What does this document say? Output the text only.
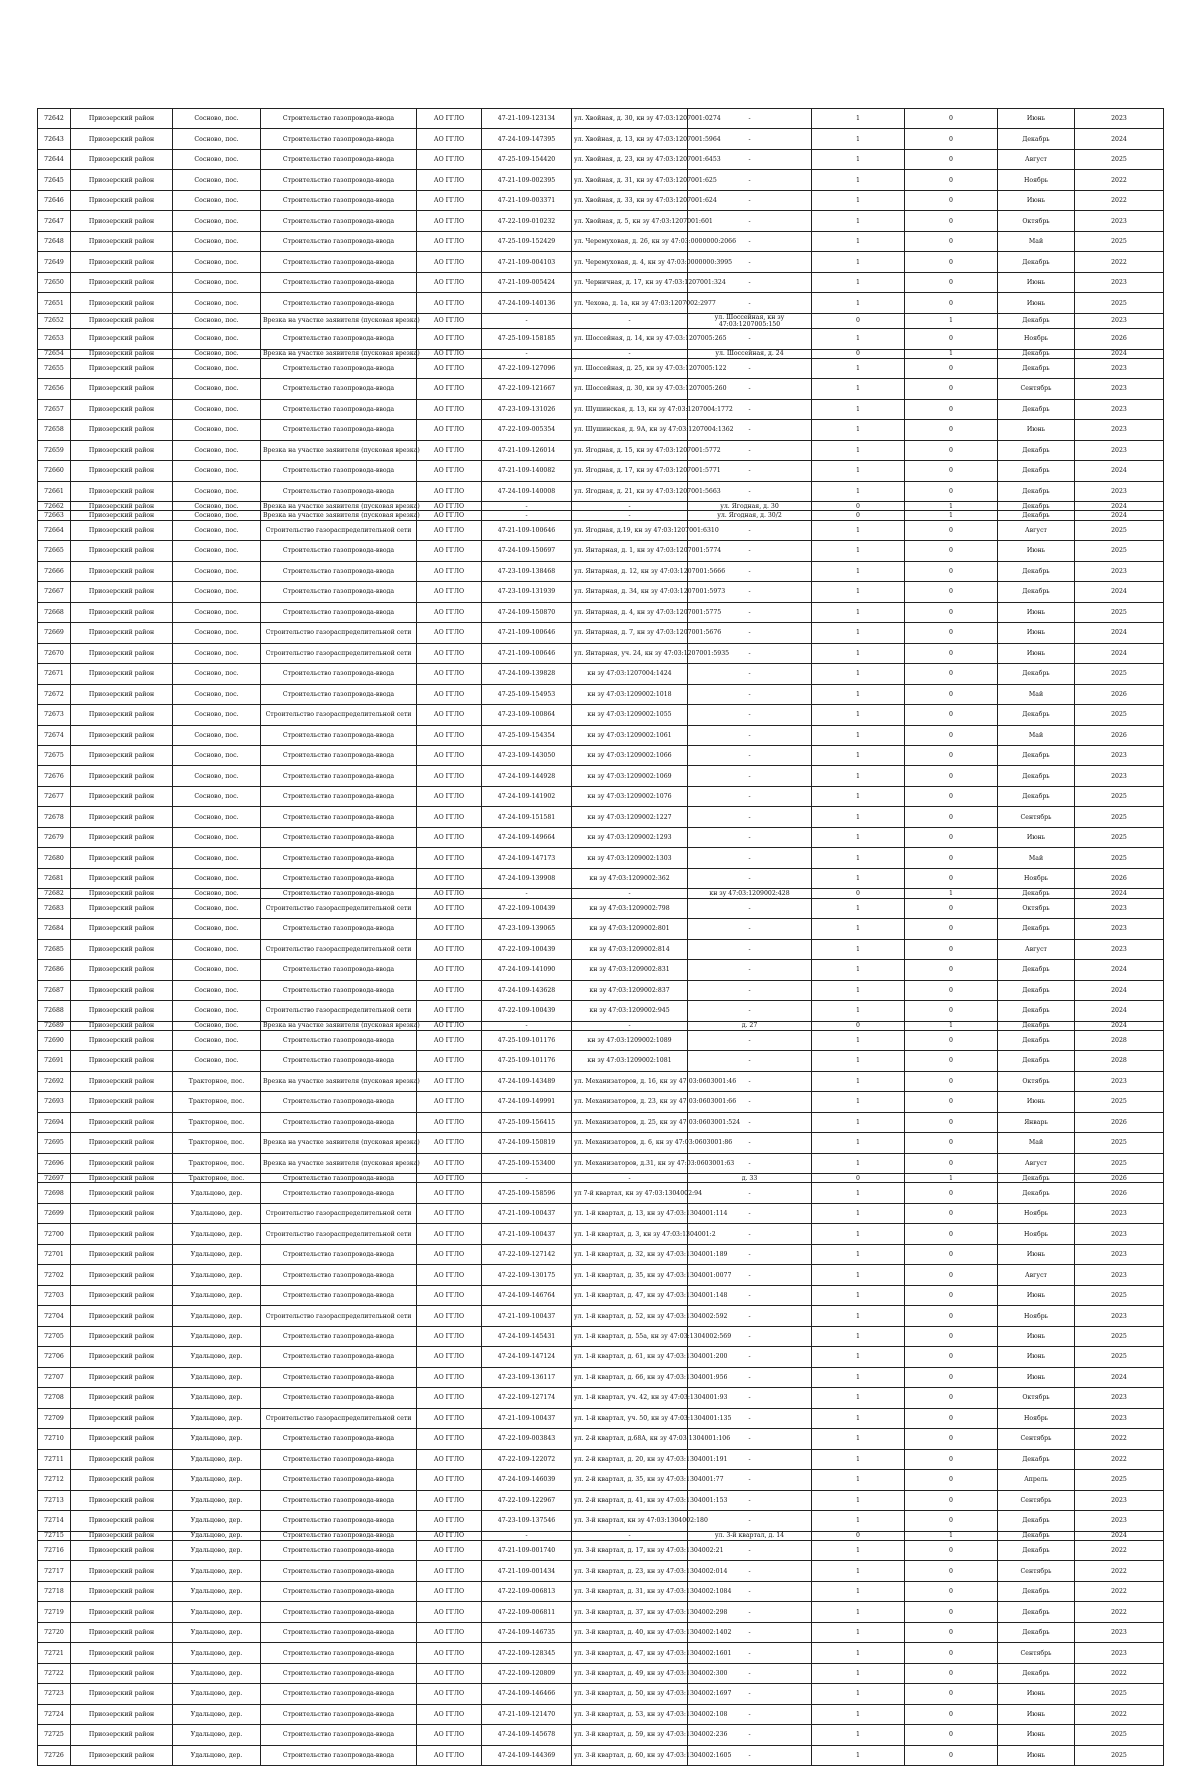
72642	Приозерский район	Сосново, пос.	Строительство газопровода-ввода	АО ГГЛО	47-21-109-123134	ул. Хвойная, д. 30, кн зу 47:03:1207001:0274	-	1	0	Июнь	2023
72643	Приозерский район	Сосново, пос.	Строительство газопровода-ввода	АО ГГЛО	47-24-109-147395	ул. Хвойная, д. 13, кн зу 47:03:1207001:5964	-	1	0	Декабрь	2024
72644	Приозерский район	Сосново, пос.	Строительство газопровода-ввода	АО ГГЛО	47-25-109-154420	ул. Хвойная, д. 23, кн зу 47:03:1207001:6453	-	1	0	Август	2025
72645	Приозерский район	Сосново, пос.	Строительство газопровода-ввода	АО ГГЛО	47-21-109-002395	ул. Хвойная, д. 31, кн зу 47:03:1207001:625	-	1	0	Ноябрь	2022
72646	Приозерский район	Сосново, пос.	Строительство газопровода-ввода	АО ГГЛО	47-21-109-003371	ул. Хвойная, д. 33, кн зу 47:03:1207001:624	-	1	0	Июнь	2022
72647	Приозерский район	Сосново, пос.	Строительство газопровода-ввода	АО ГГЛО	47-22-109-010232	ул. Хвойная, д. 5, кн зу 47:03:1207001:601	-	1	0	Октябрь	2023
72648	Приозерский район	Сосново, пос.	Строительство газопровода-ввода	АО ГГЛО	47-25-109-152429	ул. Черемуховая, д. 26, кн зу 47:03:0000000:2066	-	1	0	Май	2025
72649	Приозерский район	Сосново, пос.	Строительство газопровода-ввода	АО ГГЛО	47-21-109-004103	ул. Черемуховая, д. 4, кн зу 47:03:0000000:3995	-	1	0	Декабрь	2022
72650	Приозерский район	Сосново, пос.	Строительство газопровода-ввода	АО ГГЛО	47-21-109-005424	ул. Черничная, д. 17, кн зу 47:03:1207001:324	-	1	0	Июнь	2023
72651	Приозерский район	Сосново, пос.	Строительство газопровода-ввода	АО ГГЛО	47-24-109-140136	ул. Чехова, д. 1а, кн зу 47:03:1207002:2977	-	1	0	Июнь	2025
72652	Приозерский район	Сосново, пос.	Врезка на участке заявителя (пусковая врезка)	АО ГГЛО	-	-	ул. Шоссейная, кн зу 47:03:1207005:150	0	1	Декабрь	2023
72653	Приозерский район	Сосново, пос.	Строительство газопровода-ввода	АО ГГЛО	47-25-109-158185	ул. Шоссейная, д. 14, кн зу 47:03:1207005:265	-	1	0	Ноябрь	2026
72654	Приозерский район	Сосново, пос.	Врезка на участке заявителя (пусковая врезка)	АО ГГЛО	-	-	ул. Шоссейная, д. 24	0	1	Декабрь	2024
72655	Приозерский район	Сосново, пос.	Строительство газопровода-ввода	АО ГГЛО	47-22-109-127096	ул. Шоссейная, д. 25, кн зу 47:03:1207005:122	-	1	0	Декабрь	2023
72656	Приозерский район	Сосново, пос.	Строительство газопровода-ввода	АО ГГЛО	47-22-109-121667	ул. Шоссейная, д. 30, кн зу 47:03:1207005:260	-	1	0	Сентябрь	2023
72657	Приозерский район	Сосново, пос.	Строительство газопровода-ввода	АО ГГЛО	47-23-109-131026	ул. Шушинская, д. 13, кн зу 47:03:1207004:1772	-	1	0	Декабрь	2023
72658	Приозерский район	Сосново, пос.	Строительство газопровода-ввода	АО ГГЛО	47-22-109-005354	ул. Шушинская, д. 9А, кн зу 47:03:1207004:1362	-	1	0	Июнь	2023
72659	Приозерский район	Сосново, пос.	Врезка на участке заявителя (пусковая врезка)	АО ГГЛО	47-21-109-126014	ул. Ягодная, д. 15, кн зу 47:03:1207001:5772	-	1	0	Декабрь	2023
72660	Приозерский район	Сосново, пос.	Строительство газопровода-ввода	АО ГГЛО	47-21-109-140082	ул. Ягодная, д. 17, кн зу 47:03:1207001:5771	-	1	0	Декабрь	2024
72661	Приозерский район	Сосново, пос.	Строительство газопровода-ввода	АО ГГЛО	47-24-109-140008	ул. Ягодная, д. 21, кн зу 47:03:1207001:5663	-	1	0	Декабрь	2023
72662	Приозерский район	Сосново, пос.	Врезка на участке заявителя (пусковая врезка)	АО ГГЛО	-	-	ул. Ягодная, д. 30	0	1	Декабрь	2024
72663	Приозерский район	Сосново, пос.	Врезка на участке заявителя (пусковая врезка)	АО ГГЛО	-	-	ул. Ягодная, д. 30/2	0	1	Декабрь	2024
72664	Приозерский район	Сосново, пос.	Строительство газораспределительной сети	АО ГГЛО	47-21-109-100646	ул. Ягодная, д.19, кн зу 47:03:1207001:6310	-	1	0	Август	2025
72665	Приозерский район	Сосново, пос.	Строительство газопровода-ввода	АО ГГЛО	47-24-109-150697	ул. Янтарная, д. 1, кн зу 47:03:1207001:5774	-	1	0	Июнь	2025
72666	Приозерский район	Сосново, пос.	Строительство газопровода-ввода	АО ГГЛО	47-23-109-138468	ул. Янтарная, д. 12, кн зу 47:03:1207001:5666	-	1	0	Декабрь	2023
72667	Приозерский район	Сосново, пос.	Строительство газопровода-ввода	АО ГГЛО	47-23-109-131939	ул. Янтарная, д. 34, кн зу 47:03:1207001:5973	-	1	0	Декабрь	2024
72668	Приозерский район	Сосново, пос.	Строительство газопровода-ввода	АО ГГЛО	47-24-109-150870	ул. Янтарная, д. 4, кн зу 47:03:1207001:5775	-	1	0	Июнь	2025
72669	Приозерский район	Сосново, пос.	Строительство газораспределительной сети	АО ГГЛО	47-21-109-100646	ул. Янтарная, д. 7, кн зу 47:03:1207001:5676	-	1	0	Июнь	2024
72670	Приозерский район	Сосново, пос.	Строительство газораспределительной сети	АО ГГЛО	47-21-109-100646	ул. Янтарная, уч. 24, кн зу 47:03:1207001:5935	-	1	0	Июнь	2024
72671	Приозерский район	Сосново, пос.	Строительство газопровода-ввода	АО ГГЛО	47-24-109-139828	кн зу 47:03:1207004:1424	-	1	0	Декабрь	2025
72672	Приозерский район	Сосново, пос.	Строительство газопровода-ввода	АО ГГЛО	47-25-109-154953	кн зу 47:03:1209002:1018	-	1	0	Май	2026
72673	Приозерский район	Сосново, пос.	Строительство газораспределительной сети	АО ГГЛО	47-23-109-100864	кн зу 47:03:1209002:1055	-	1	0	Декабрь	2025
72674	Приозерский район	Сосново, пос.	Строительство газопровода-ввода	АО ГГЛО	47-25-109-154354	кн зу 47:03:1209002:1061	-	1	0	Май	2026
72675	Приозерский район	Сосново, пос.	Строительство газопровода-ввода	АО ГГЛО	47-23-109-143050	кн зу 47:03:1209002:1066	-	1	0	Декабрь	2023
72676	Приозерский район	Сосново, пос.	Строительство газопровода-ввода	АО ГГЛО	47-24-109-144928	кн зу 47:03:1209002:1069	-	1	0	Декабрь	2023
72677	Приозерский район	Сосново, пос.	Строительство газопровода-ввода	АО ГГЛО	47-24-109-141902	кн зу 47:03:1209002:1076	-	1	0	Декабрь	2025
72678	Приозерский район	Сосново, пос.	Строительство газопровода-ввода	АО ГГЛО	47-24-109-151581	кн зу 47:03:1209002:1227	-	1	0	Сентябрь	2025
72679	Приозерский район	Сосново, пос.	Строительство газопровода-ввода	АО ГГЛО	47-24-109-149664	кн зу 47:03:1209002:1293	-	1	0	Июнь	2025
72680	Приозерский район	Сосново, пос.	Строительство газопровода-ввода	АО ГГЛО	47-24-109-147173	кн зу 47:03:1209002:1303	-	1	0	Май	2025
72681	Приозерский район	Сосново, пос.	Строительство газопровода-ввода	АО ГГЛО	47-24-109-139908	кн зу 47:03:1209002:362	-	1	0	Ноябрь	2026
72682	Приозерский район	Сосново, пос.	Строительство газопровода-ввода	АО ГГЛО	-	-	кн зу 47:03:1209002:428	0	1	Декабрь	2024
72683	Приозерский район	Сосново, пос.	Строительство газораспределительной сети	АО ГГЛО	47-22-109-100439	кн зу 47:03:1209002:798	-	1	0	Октябрь	2023
72684	Приозерский район	Сосново, пос.	Строительство газопровода-ввода	АО ГГЛО	47-23-109-139065	кн зу 47:03:1209002:801	-	1	0	Декабрь	2023
72685	Приозерский район	Сосново, пос.	Строительство газораспределительной сети	АО ГГЛО	47-22-109-100439	кн зу 47:03:1209002:814	-	1	0	Август	2023
72686	Приозерский район	Сосново, пос.	Строительство газопровода-ввода	АО ГГЛО	47-24-109-141090	кн зу 47:03:1209002:831	-	1	0	Декабрь	2024
72687	Приозерский район	Сосново, пос.	Строительство газопровода-ввода	АО ГГЛО	47-24-109-143628	кн зу 47:03:1209002:837	-	1	0	Декабрь	2024
72688	Приозерский район	Сосново, пос.	Строительство газораспределительной сети	АО ГГЛО	47-22-109-100439	кн зу 47:03:1209002:945	-	1	0	Декабрь	2024
72689	Приозерский район	Сосново, пос.	Врезка на участке заявителя (пусковая врезка)	АО ГГЛО	-	-	д. 27	0	1	Декабрь	2024
72690	Приозерский район	Сосново, пос.	Строительство газопровода-ввода	АО ГГЛО	47-25-109-101176	кн зу 47:03:1209002:1089	-	1	0	Декабрь	2028
72691	Приозерский район	Сосново, пос.	Строительство газопровода-ввода	АО ГГЛО	47-25-109-101176	кн зу 47:03:1209002:1081	-	1	0	Декабрь	2028
72692	Приозерский район	Тракторное, пос.	Врезка на участке заявителя (пусковая врезка)	АО ГГЛО	47-24-109-143489	ул. Механизаторов, д. 16, кн зу 47:03:0603001:46	-	1	0	Октябрь	2023
72693	Приозерский район	Тракторное, пос.	Строительство газопровода-ввода	АО ГГЛО	47-24-109-149991	ул. Механизаторов, д. 23, кн зу 47:03:0603001:66	-	1	0	Июнь	2025
72694	Приозерский район	Тракторное, пос.	Строительство газопровода-ввода	АО ГГЛО	47-25-109-156415	ул. Механизаторов, д. 25, кн зу 47:03:0603001:524	-	1	0	Январь	2026
72695	Приозерский район	Тракторное, пос.	Врезка на участке заявителя (пусковая врезка)	АО ГГЛО	47-24-109-150819	ул. Механизаторов, д. 6, кн зу 47:03:0603001:86	-	1	0	Май	2025
72696	Приозерский район	Тракторное, пос.	Врезка на участке заявителя (пусковая врезка)	АО ГГЛО	47-25-109-153400	ул. Механизаторов, д.31, кн зу 47:03:0603001:63	-	1	0	Август	2025
72697	Приозерский район	Тракторное, пос.	Строительство газопровода-ввода	АО ГГЛО	-	-	д. 33	0	1	Декабрь	2026
72698	Приозерский район	Удальцово, дер.	Строительство газопровода-ввода	АО ГГЛО	47-25-109-158596	ул 7-й квартал, кн зу 47:03:1304002:94	-	1	0	Декабрь	2026
72699	Приозерский район	Удальцово, дер.	Строительство газораспределительной сети	АО ГГЛО	47-21-109-100437	ул. 1-й квартал, д. 13, кн зу 47:03:1304001:114	-	1	0	Ноябрь	2023
72700	Приозерский район	Удальцово, дер.	Строительство газораспределительной сети	АО ГГЛО	47-21-109-100437	ул. 1-й квартал, д. 3, кн зу 47:03:1304001:2	-	1	0	Ноябрь	2023
72701	Приозерский район	Удальцово, дер.	Строительство газопровода-ввода	АО ГГЛО	47-22-109-127142	ул. 1-й квартал, д. 32, кн зу 47:03:1304001:189	-	1	0	Июнь	2023
72702	Приозерский район	Удальцово, дер.	Строительство газопровода-ввода	АО ГГЛО	47-22-109-130175	ул. 1-й квартал, д. 35, кн зу 47:03:1304001:0077	-	1	0	Август	2023
72703	Приозерский район	Удальцово, дер.	Строительство газопровода-ввода	АО ГГЛО	47-24-109-146764	ул. 1-й квартал, д. 47, кн зу 47:03:1304001:148	-	1	0	Июнь	2025
72704	Приозерский район	Удальцово, дер.	Строительство газораспределительной сети	АО ГГЛО	47-21-109-100437	ул. 1-й квартал, д. 52, кн зу 47:03:1304002:592	-	1	0	Ноябрь	2023
72705	Приозерский район	Удальцово, дер.	Строительство газопровода-ввода	АО ГГЛО	47-24-109-145431	ул. 1-й квартал, д. 55а, кн зу 47:03:1304002:569	-	1	0	Июнь	2025
72706	Приозерский район	Удальцово, дер.	Строительство газопровода-ввода	АО ГГЛО	47-24-109-147124	ул. 1-й квартал, д. 61, кн зу 47:03:1304001:200	-	1	0	Июнь	2025
72707	Приозерский район	Удальцово, дер.	Строительство газопровода-ввода	АО ГГЛО	47-23-109-136117	ул. 1-й квартал, д. 66, кн зу 47:03:1304001:956	-	1	0	Июнь	2024
72708	Приозерский район	Удальцово, дер.	Строительство газопровода-ввода	АО ГГЛО	47-22-109-127174	ул. 1-й квартал, уч. 42, кн зу 47:03:1304001:93	-	1	0	Октябрь	2023
72709	Приозерский район	Удальцово, дер.	Строительство газораспределительной сети	АО ГГЛО	47-21-109-100437	ул. 1-й квартал, уч. 50, кн зу 47:03:1304001:135	-	1	0	Ноябрь	2023
72710	Приозерский район	Удальцово, дер.	Строительство газопровода-ввода	АО ГГЛО	47-22-109-003843	ул. 2-й квартал, д.68А, кн зу 47:03:1304001:106	-	1	0	Сентябрь	2022
72711	Приозерский район	Удальцово, дер.	Строительство газопровода-ввода	АО ГГЛО	47-22-109-122072	ул. 2-й квартал, д. 20, кн зу 47:03:1304001:191	-	1	0	Декабрь	2022
72712	Приозерский район	Удальцово, дер.	Строительство газопровода-ввода	АО ГГЛО	47-24-109-146039	ул. 2-й квартал, д. 35, кн зу 47:03:1304001:77	-	1	0	Апрель	2025
72713	Приозерский район	Удальцово, дер.	Строительство газопровода-ввода	АО ГГЛО	47-22-109-122967	ул. 2-й квартал, д. 41, кн зу 47:03:1304001:153	-	1	0	Сентябрь	2023
72714	Приозерский район	Удальцово, дер.	Строительство газопровода-ввода	АО ГГЛО	47-23-109-137546	ул. 3-й квартал, кн зу 47:03:1304002:180	-	1	0	Декабрь	2023
72715	Приозерский район	Удальцово, дер.	Строительство газопровода-ввода	АО ГГЛО	-	-	ул. 3-й квартал, д. 14	0	1	Декабрь	2024
72716	Приозерский район	Удальцово, дер.	Строительство газопровода-ввода	АО ГГЛО	47-21-109-001740	ул. 3-й квартал, д. 17, кн зу 47:03:1304002:21	-	1	0	Декабрь	2022
72717	Приозерский район	Удальцово, дер.	Строительство газопровода-ввода	АО ГГЛО	47-21-109-001434	ул. 3-й квартал, д. 23, кн зу 47:03:1304002:014	-	1	0	Сентябрь	2022
72718	Приозерский район	Удальцово, дер.	Строительство газопровода-ввода	АО ГГЛО	47-22-109-006813	ул. 3-й квартал, д. 31, кн зу 47:03:1304002:1084	-	1	0	Декабрь	2022
72719	Приозерский район	Удальцово, дер.	Строительство газопровода-ввода	АО ГГЛО	47-22-109-006811	ул. 3-й квартал, д. 37, кн зу 47:03:1304002:298	-	1	0	Декабрь	2022
72720	Приозерский район	Удальцово, дер.	Строительство газопровода-ввода	АО ГГЛО	47-24-109-146735	ул. 3-й квартал, д. 40, кн зу 47:03:1304002:1402	-	1	0	Декабрь	2023
72721	Приозерский район	Удальцово, дер.	Строительство газопровода-ввода	АО ГГЛО	47-22-109-128345	ул. 3-й квартал, д. 47, кн зу 47:03:1304002:1601	-	1	0	Сентябрь	2023
72722	Приозерский район	Удальцово, дер.	Строительство газопровода-ввода	АО ГГЛО	47-22-109-120809	ул. 3-й квартал, д. 49, кн зу 47:03:1304002:300	-	1	0	Декабрь	2022
72723	Приозерский район	Удальцово, дер.	Строительство газопровода-ввода	АО ГГЛО	47-24-109-146466	ул. 3-й квартал, д. 50, кн зу 47:03:1304002:1697	-	1	0	Июнь	2025
72724	Приозерский район	Удальцово, дер.	Строительство газопровода-ввода	АО ГГЛО	47-21-109-121470	ул. 3-й квартал, д. 53, кн зу 47:03:1304002:108	-	1	0	Июнь	2022
72725	Приозерский район	Удальцово, дер.	Строительство газопровода-ввода	АО ГГЛО	47-24-109-145678	ул. 3-й квартал, д. 59, кн зу 47:03:1304002:236	-	1	0	Июнь	2025
72726	Приозерский район	Удальцово, дер.	Строительство газопровода-ввода	АО ГГЛО	47-24-109-144369	ул. 3-й квартал, д. 60, кн зу 47:03:1304002:1605	-	1	0	Июнь	2025
